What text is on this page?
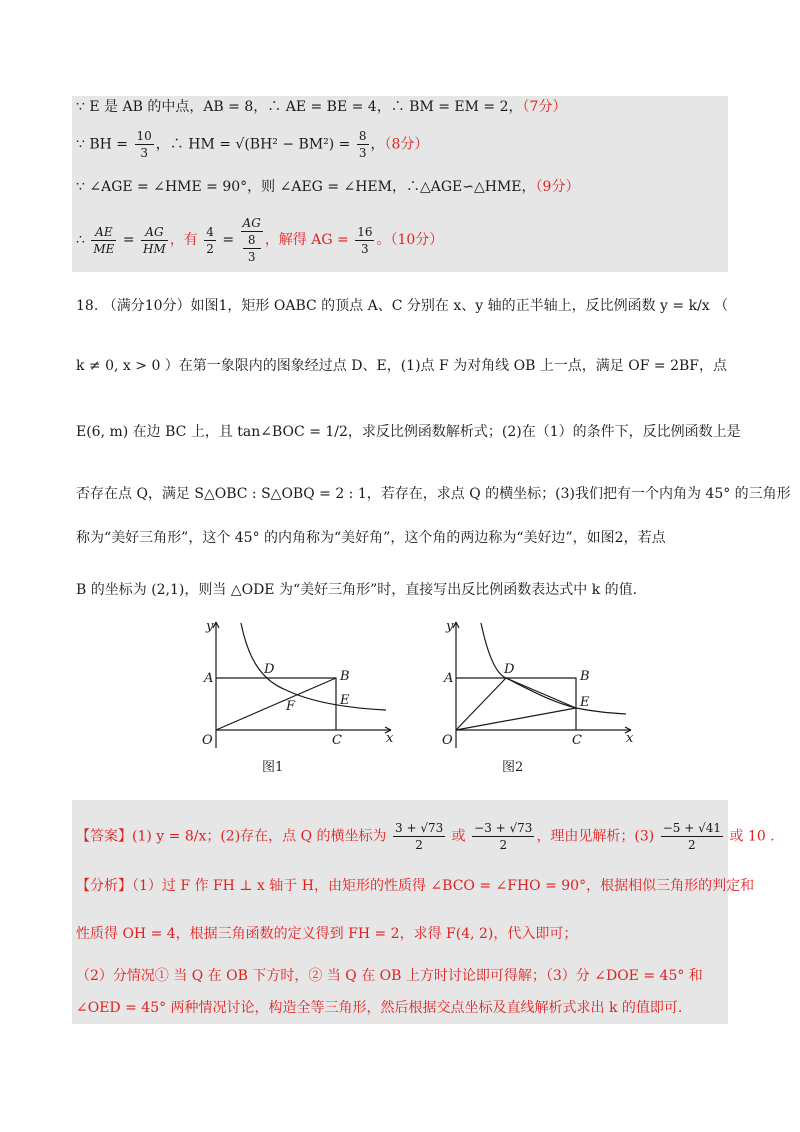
∵ E 是 AB 的中点，AB = 8，∴ AE = BE = 4，∴ BM = EM = 2，（7分）
∵ BH = $\frac{10}{3}$ ，∴ HM = $√(BH^2 - BM^2) = \frac{8}{3}$ ，（8分）
∵ ∠AGE = ∠HME = 90°，则 ∠AEG = ∠HEM，∴△AGE∽△HME，（9分）
∴ $\frac{AE}{ME} = \frac{AG}{HM}$ ，有 $\frac{4}{2}$ = AG
8
3 ，解得 AG = $\frac{16}{3}$ 。（10分）
18. （满分10分）如图1，矩形 OABC 的顶点 A、C 分别在 x、y 轴的正半轴上，反比例函数 y = k/x （
k ≠ 0, x > 0 ）在第一象限内的图象经过点 D、E，(1)点 F 为对角线 OB 上一点，满足 OF = 2BF，点
E(6, m) 在边 BC 上，且 tan∠BOC = 1/2，求反比例函数解析式；(2)在（1）的条件下，反比例函数上是
否存在点 Q，满足 S△OBC : S△OBQ = 2 : 1，若存在，求点 Q 的横坐标；(3)我们把有一个内角为 45° 的三角形
称为“美好三角形”，这个 45° 的内角称为“美好角”，这个角的两边称为“美好边”，如图2，若点
B 的坐标为 (2,1)，则当 △ODE 为“美好三角形”时，直接写出反比例函数表达式中 k 的值.
y
x
A	B
C
D
E
F
O
图1
y
x
A	B
C
D
E
O
图2
【答案】(1) y = 8/x；(2)存在，点 Q 的横坐标为 $\frac{3 + √73}{2}$ 或 $\frac{-3 + √73}{2}$ ，理由见解析；$(3) \frac{-5 + √41}{2}$ 或 10 .
【分析】（1）过 F 作 FH ⊥ x 轴于 H，由矩形的性质得 ∠BCO = ∠FHO = 90°，根据相似三角形的判定和
性质得 OH = 4，根据三角函数的定义得到 FH = 2，求得 F(4, 2)，代入即可；
（2）分情况① 当 Q 在 OB 下方时，② 当 Q 在 OB 上方时讨论即可得解；（3）分 ∠DOE = 45° 和
∠OED = 45° 两种情况讨论，构造全等三角形，然后根据交点坐标及直线解析式求出 k 的值即可.
